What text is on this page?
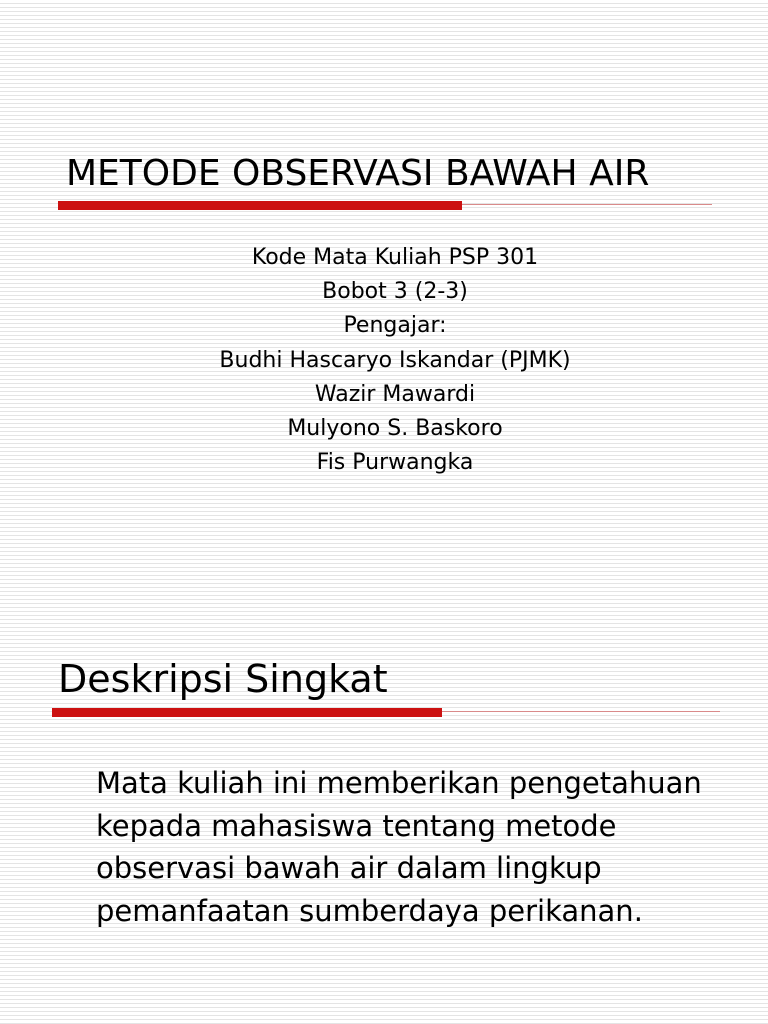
METODE OBSERVASI BAWAH AIR
Kode Mata Kuliah PSP 301
Bobot 3 (2-3)
Pengajar:
Budhi Hascaryo Iskandar (PJMK)
Wazir Mawardi
Mulyono S. Baskoro
Fis Purwangka
Deskripsi Singkat

Mata kuliah ini memberikan pengetahuan kepada mahasiswa tentang metode observasi bawah air dalam lingkup pemanfaatan sumberdaya perikanan.
